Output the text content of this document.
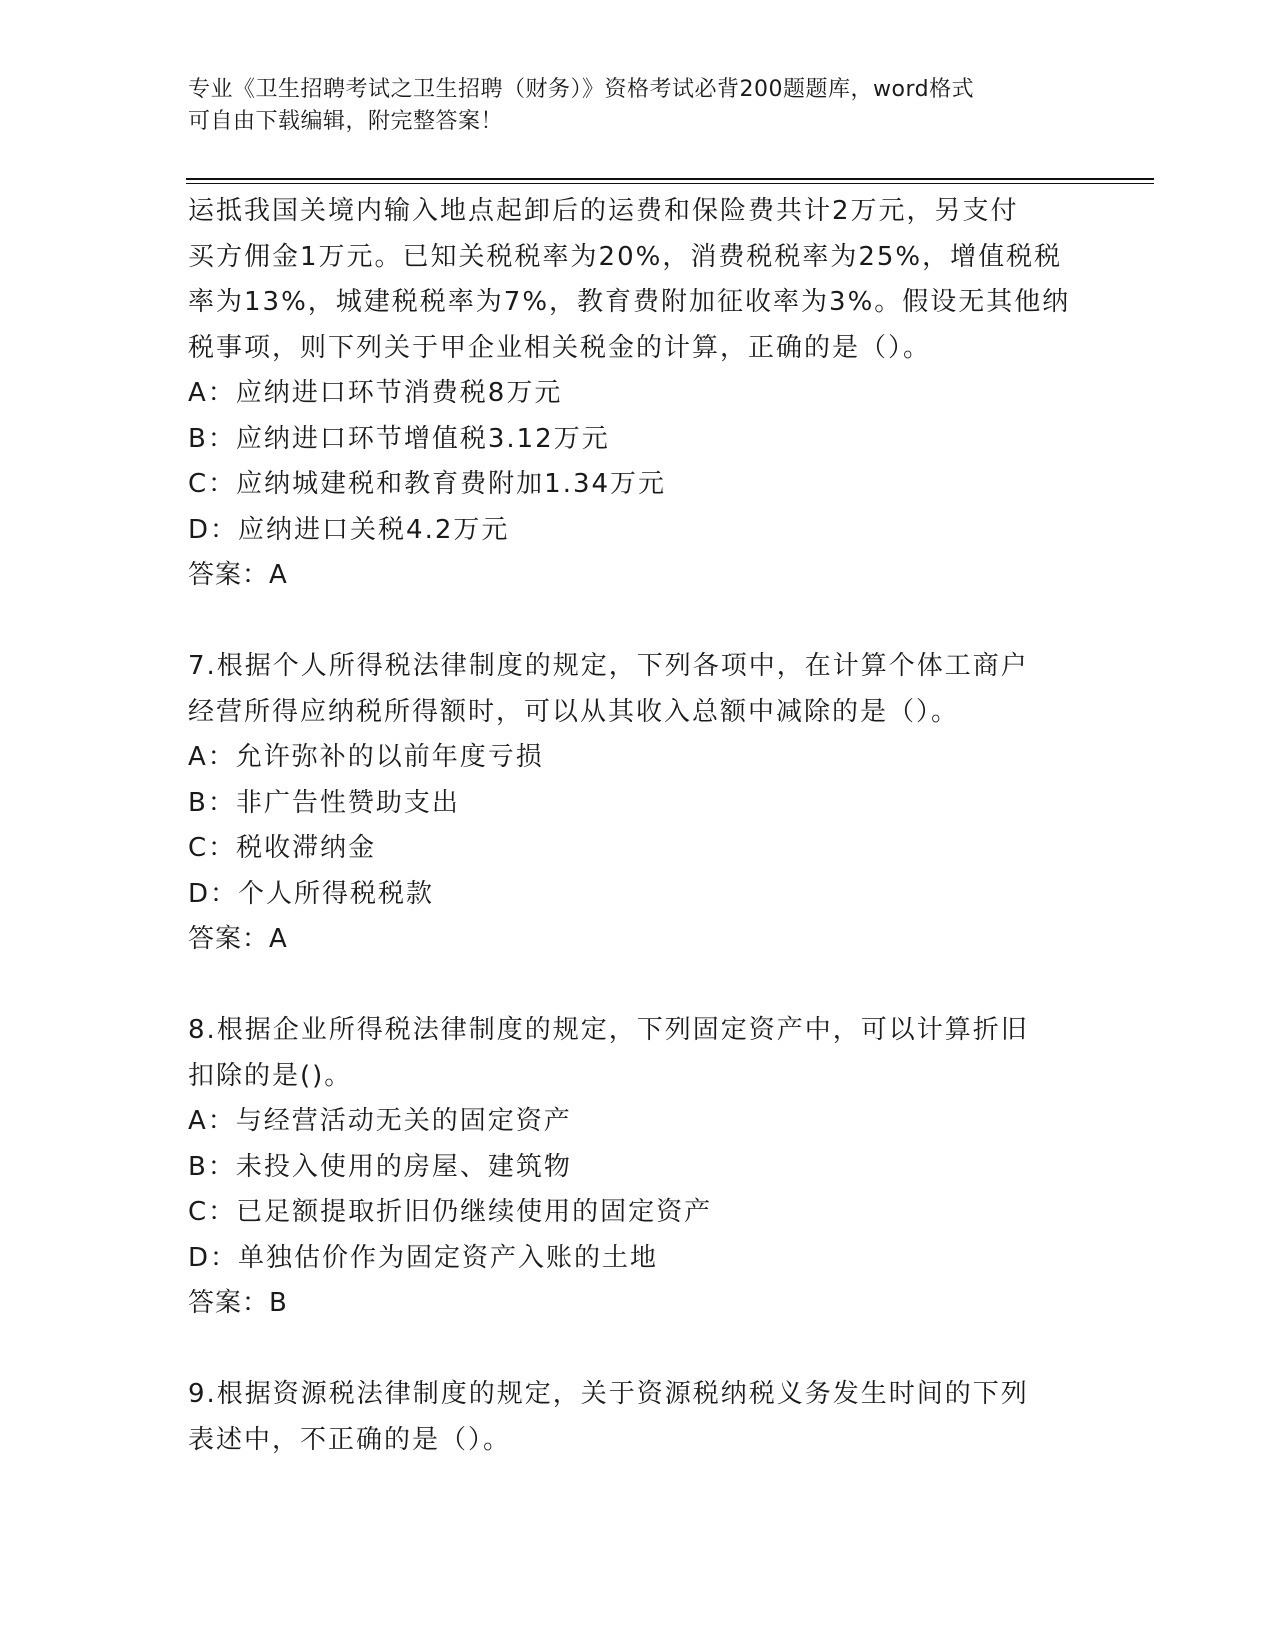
专业《卫生招聘考试之卫生招聘（财务）》资格考试必背200题题库，word格式
可自由下载编辑，附完整答案！
运抵我国关境内输入地点起卸后的运费和保险费共计2万元，另支付
买方佣金1万元。已知关税税率为20%，消费税税率为25%，增值税税
率为13%，城建税税率为7%，教育费附加征收率为3%。假设无其他纳
税事项，则下列关于甲企业相关税金的计算，正确的是（）。
A：应纳进口环节消费税8万元
B：应纳进口环节增值税3.12万元
C：应纳城建税和教育费附加1.34万元
D：应纳进口关税4.2万元
答案：A
7.根据个人所得税法律制度的规定，下列各项中，在计算个体工商户
经营所得应纳税所得额时，可以从其收入总额中减除的是（）。
A：允许弥补的以前年度亏损
B：非广告性赞助支出
C：税收滞纳金
D：个人所得税税款
答案：A
8.根据企业所得税法律制度的规定，下列固定资产中，可以计算折旧
扣除的是()。
A：与经营活动无关的固定资产
B：未投入使用的房屋、建筑物
C：已足额提取折旧仍继续使用的固定资产
D：单独估价作为固定资产入账的土地
答案：B
9.根据资源税法律制度的规定，关于资源税纳税义务发生时间的下列
表述中，不正确的是（）。
